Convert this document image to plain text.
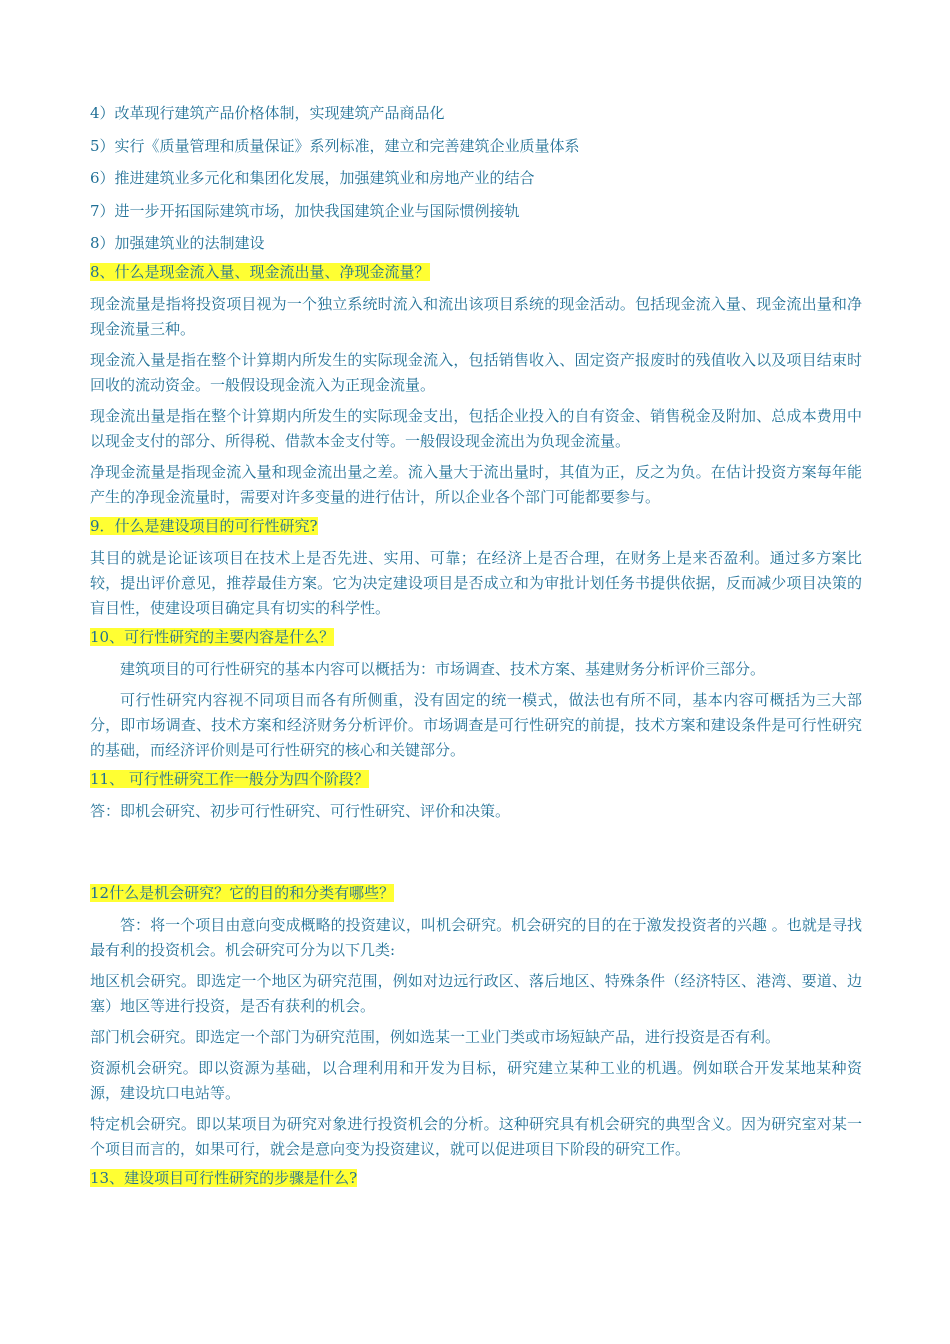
4）改革现行建筑产品价格体制，实现建筑产品商品化

5）实行《质量管理和质量保证》系列标准，建立和完善建筑企业质量体系

6）推进建筑业多元化和集团化发展，加强建筑业和房地产业的结合

7）进一步开拓国际建筑市场，加快我国建筑企业与国际惯例接轨

8）加强建筑业的法制建设

8、什么是现金流入量、现金流出量、净现金流量？

现金流量是指将投资项目视为一个独立系统时流入和流出该项目系统的现金活动。包括现金流入量、现金流出量和净现金流量三种。

现金流入量是指在整个计算期内所发生的实际现金流入，包括销售收入、固定资产报废时的残值收入以及项目结束时回收的流动资金。一般假设现金流入为正现金流量。

现金流出量是指在整个计算期内所发生的实际现金支出，包括企业投入的自有资金、销售税金及附加、总成本费用中以现金支付的部分、所得税、借款本金支付等。一般假设现金流出为负现金流量。

净现金流量是指现金流入量和现金流出量之差。流入量大于流出量时，其值为正，反之为负。在估计投资方案每年能产生的净现金流量时，需要对许多变量的进行估计，所以企业各个部门可能都要参与。

9．什么是建设项目的可行性研究?

其目的就是论证该项目在技术上是否先进、实用、可靠；在经济上是否合理，在财务上是来否盈利。通过多方案比较，提出评价意见，推荐最佳方案。它为决定建设项目是否成立和为审批计划任务书提供依据，反而减少项目决策的盲目性，使建设项目确定具有切实的科学性。

10、可行性研究的主要内容是什么？

建筑项目的可行性研究的基本内容可以概括为：市场调查、技术方案、基建财务分析评价三部分。

可行性研究内容视不同项目而各有所侧重，没有固定的统一模式，做法也有所不同，基本内容可概括为三大部分，即市场调查、技术方案和经济财务分析评价。市场调查是可行性研究的前提，技术方案和建设条件是可行性研究的基础，而经济评价则是可行性研究的核心和关键部分。

11、 可行性研究工作一般分为四个阶段？

答：即机会研究、初步可行性研究、可行性研究、评价和决策。

12什么是机会研究？它的目的和分类有哪些？

答：将一个项目由意向变成概略的投资建议，叫机会研究。机会研究的目的在于激发投资者的兴趣 。也就是寻找最有利的投资机会。机会研究可分为以下几类:

地区机会研究。即选定一个地区为研究范围，例如对边远行政区、落后地区、特殊条件（经济特区、港湾、要道、边塞）地区等进行投资，是否有获利的机会。

部门机会研究。即选定一个部门为研究范围，例如选某一工业门类或市场短缺产品，进行投资是否有利。

资源机会研究。即以资源为基础，以合理利用和开发为目标，研究建立某种工业的机遇。例如联合开发某地某种资源，建设坑口电站等。

特定机会研究。即以某项目为研究对象进行投资机会的分析。这种研究具有机会研究的典型含义。因为研究室对某一个项目而言的，如果可行，就会是意向变为投资建议，就可以促进项目下阶段的研究工作。

13、建设项目可行性研究的步骤是什么?
